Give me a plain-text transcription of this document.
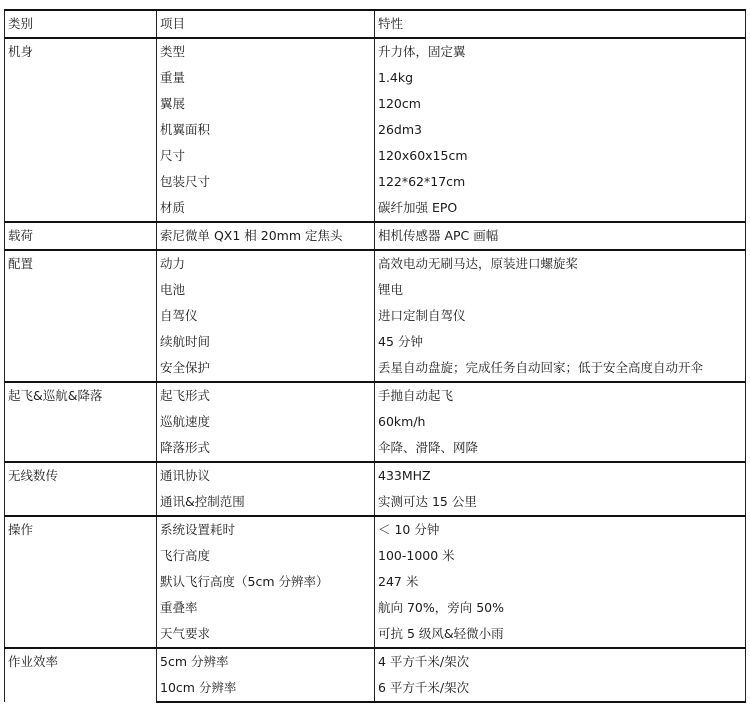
类别	项目	特性
机身	类型	升力体，固定翼
	重量	1.4kg
	翼展	120cm
	机翼面积	26dm3
	尺寸	120x60x15cm
	包装尺寸	122*62*17cm
	材质	碳纤加强 EPO
载荷	索尼微单 QX1 相 20mm 定焦头	相机传感器 APC 画幅
配置	动力	高效电动无刷马达，原装进口螺旋桨
	电池	锂电
	自驾仪	进口定制自驾仪
	续航时间	45 分钟
	安全保护	丢星自动盘旋；完成任务自动回家；低于安全高度自动开伞
起飞&巡航&降落	起飞形式	手抛自动起飞
	巡航速度	60km/h
	降落形式	伞降、滑降、网降
无线数传	通讯协议	433MHZ
	通讯&控制范围	实测可达 15 公里
操作	系统设置耗时	＜ 10 分钟
	飞行高度	100-1000 米
	默认飞行高度（5cm 分辨率）	247 米
	重叠率	航向 70%，旁向 50%
	天气要求	可抗 5 级风&轻微小雨
作业效率	5cm 分辨率	4 平方千米/架次
	10cm 分辨率	6 平方千米/架次
